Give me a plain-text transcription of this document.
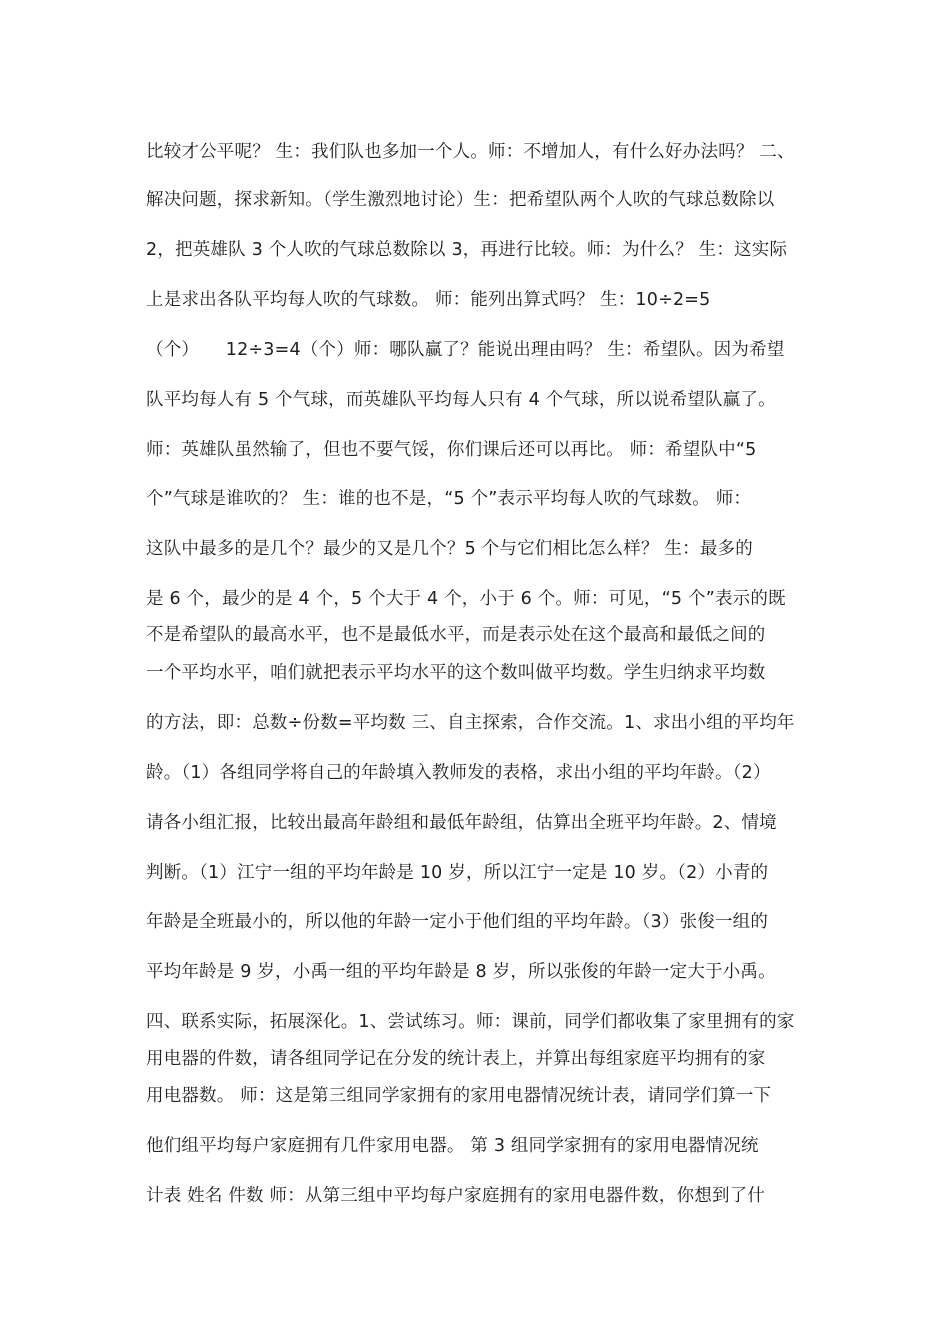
比较才公平呢？ 生：我们队也多加一个人。师：不增加人，有什么好办法吗？ 二、
解决问题，探求新知。（学生激烈地讨论）生：把希望队两个人吹的气球总数除以
2，把英雄队 3 个人吹的气球总数除以 3，再进行比较。师：为什么？ 生：这实际
上是求出各队平均每人吹的气球数。 师：能列出算式吗？ 生：10÷2=5
（个）　　12÷3=4（个）师：哪队赢了？能说出理由吗？ 生：希望队。因为希望
队平均每人有 5 个气球，而英雄队平均每人只有 4 个气球，所以说希望队赢了。
师：英雄队虽然输了，但也不要气馁，你们课后还可以再比。 师：希望队中“5
个”气球是谁吹的？ 生：谁的也不是，“5 个”表示平均每人吹的气球数。 师：
这队中最多的是几个？最少的又是几个？5 个与它们相比怎么样？ 生：最多的
是 6 个，最少的是 4 个，5 个大于 4 个，小于 6 个。师：可见，“5 个”表示的既
不是希望队的最高水平，也不是最低水平，而是表示处在这个最高和最低之间的
一个平均水平，咱们就把表示平均水平的这个数叫做平均数。学生归纳求平均数
的方法，即：总数÷份数=平均数 三、自主探索，合作交流。1、求出小组的平均年
龄。（1）各组同学将自己的年龄填入教师发的表格，求出小组的平均年龄。（2）
请各小组汇报，比较出最高年龄组和最低年龄组，估算出全班平均年龄。2、情境
判断。（1）江宁一组的平均年龄是 10 岁，所以江宁一定是 10 岁。（2）小青的
年龄是全班最小的，所以他的年龄一定小于他们组的平均年龄。（3）张俊一组的
平均年龄是 9 岁，小禹一组的平均年龄是 8 岁，所以张俊的年龄一定大于小禹。
四、联系实际，拓展深化。1、尝试练习。师：课前，同学们都收集了家里拥有的家
用电器的件数，请各组同学记在分发的统计表上，并算出每组家庭平均拥有的家
用电器数。 师：这是第三组同学家拥有的家用电器情况统计表，请同学们算一下
他们组平均每户家庭拥有几件家用电器。 第 3 组同学家拥有的家用电器情况统
计表 姓名 件数 师：从第三组中平均每户家庭拥有的家用电器件数，你想到了什
